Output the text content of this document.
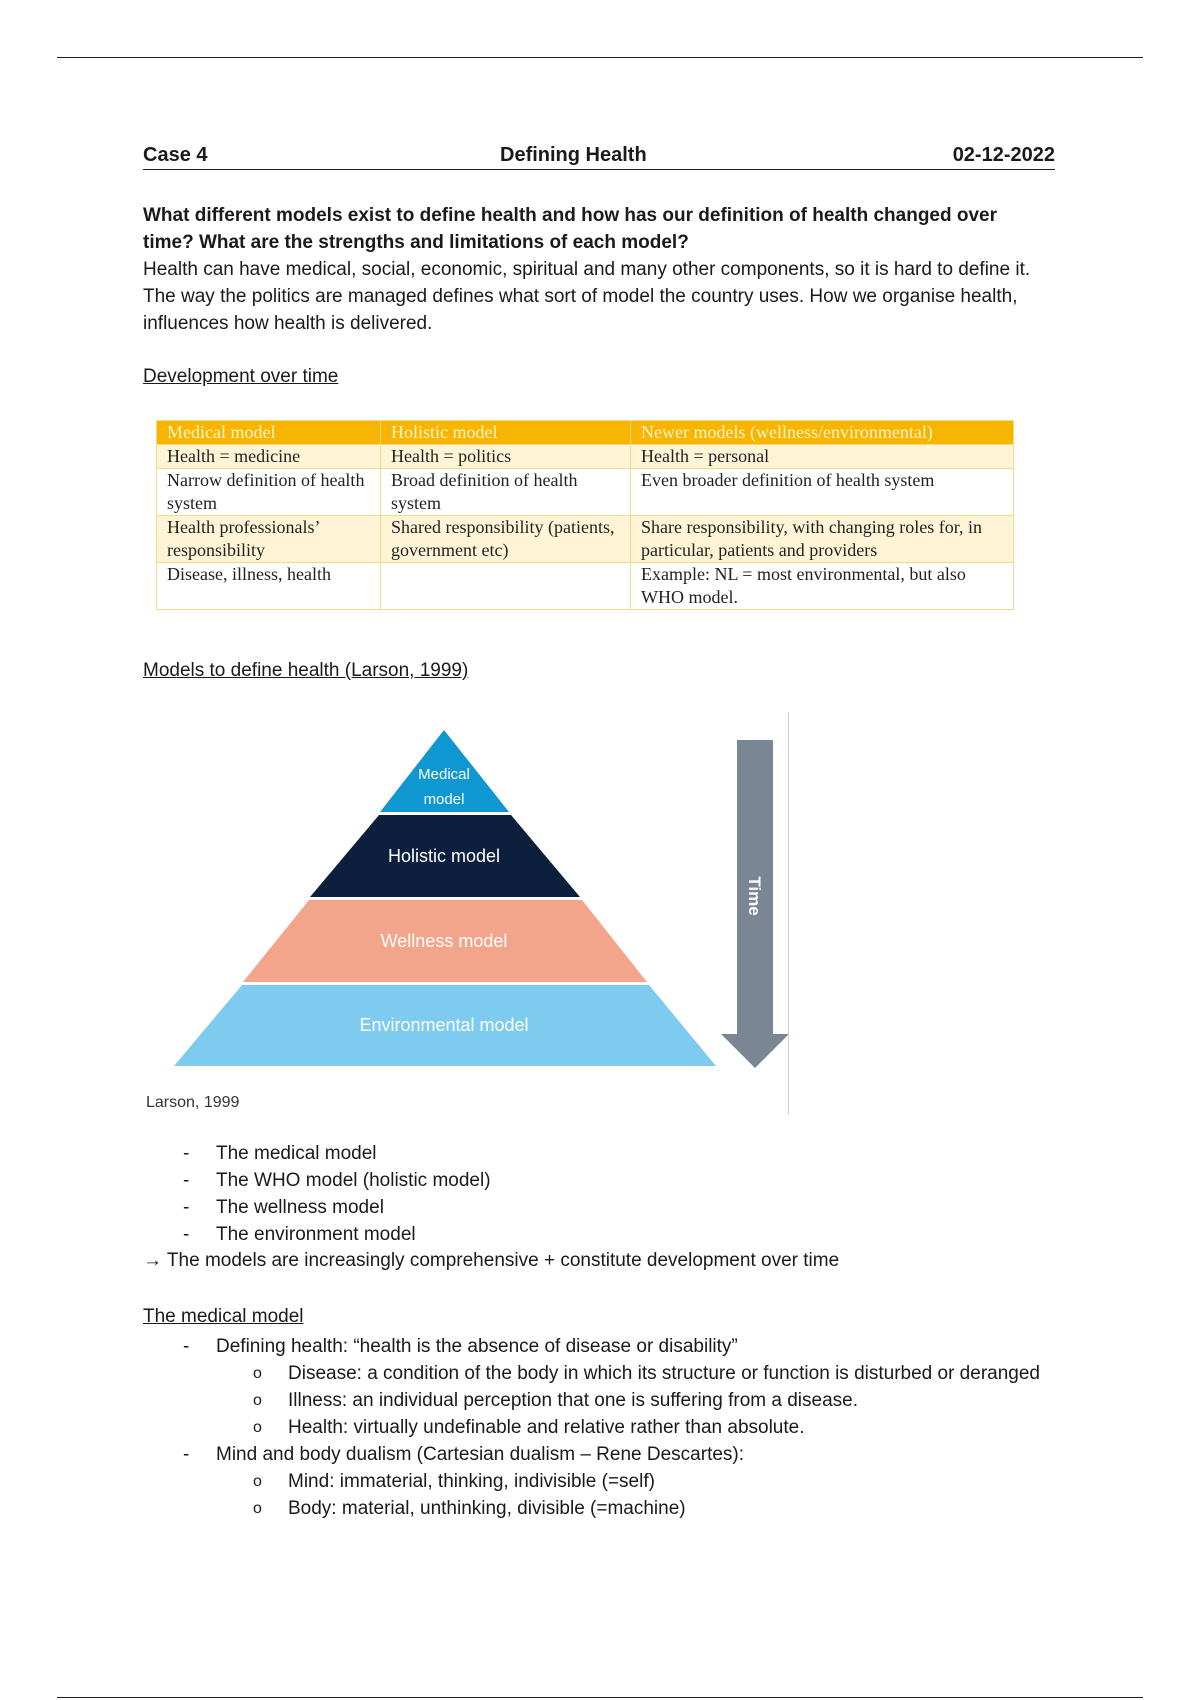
Case 4	Defining Health	02-12-2022

What different models exist to define health and how has our definition of health changed over time? What are the strengths and limitations of each model?

Health can have medical, social, economic, spiritual and many other components, so it is hard to define it. The way the politics are managed defines what sort of model the country uses. How we organise health, influences how health is delivered.

Development over time
Medical model	Holistic model	Newer models (wellness/environmental)
Health = medicine	Health = politics	Health = personal
Narrow definition of health system	Broad definition of health system	Even broader definition of health system
Health professionals’ responsibility	Shared responsibility (patients, government etc)	Share responsibility, with changing roles for, in particular, patients and providers
Disease, illness, health		Example: NL = most environmental, but also WHO model.
Models to define health (Larson, 1999)
Medical
model
Holistic model
Wellness model
Environmental model
Time
Larson, 1999
- The medical model
- The WHO model (holistic model)
- The wellness model
- The environment model
→ The models are increasingly comprehensive + constitute development over time
The medical model
- Defining health: “health is the absence of disease or disability”
o Disease: a condition of the body in which its structure or function is disturbed or deranged
o Illness: an individual perception that one is suffering from a disease.
o Health: virtually undefinable and relative rather than absolute.
- Mind and body dualism (Cartesian dualism – Rene Descartes):
o Mind: immaterial, thinking, indivisible (=self)
o Body: material, unthinking, divisible (=machine)
